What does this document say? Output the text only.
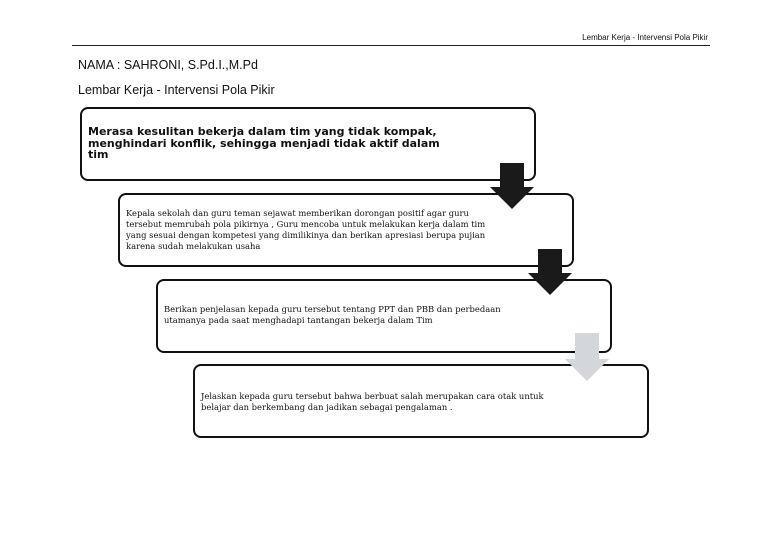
Lembar Kerja - Intervensi Pola Pikir
NAMA : SAHRONI, S.Pd.I.,M.Pd
Lembar Kerja - Intervensi Pola Pikir
Merasa kesulitan bekerja dalam tim yang tidak kompak, menghindari konflik, sehingga menjadi tidak aktif dalam tim
Kepala sekolah dan guru teman sejawat memberikan dorongan positif agar guru tersebut memrubah pola pikirnya , Guru mencoba untuk melakukan kerja dalam tim yang sesuai dengan kompetesi yang dimilikinya dan berikan apresiasi berupa pujian karena sudah melakukan usaha
Berikan penjelasan kepada guru tersebut tentang PPT dan PBB dan perbedaan utamanya pada saat menghadapi tantangan bekerja dalam Tim
Jelaskan kepada guru tersebut bahwa berbuat salah merupakan cara otak untuk belajar dan berkembang dan jadikan sebagai pengalaman .
